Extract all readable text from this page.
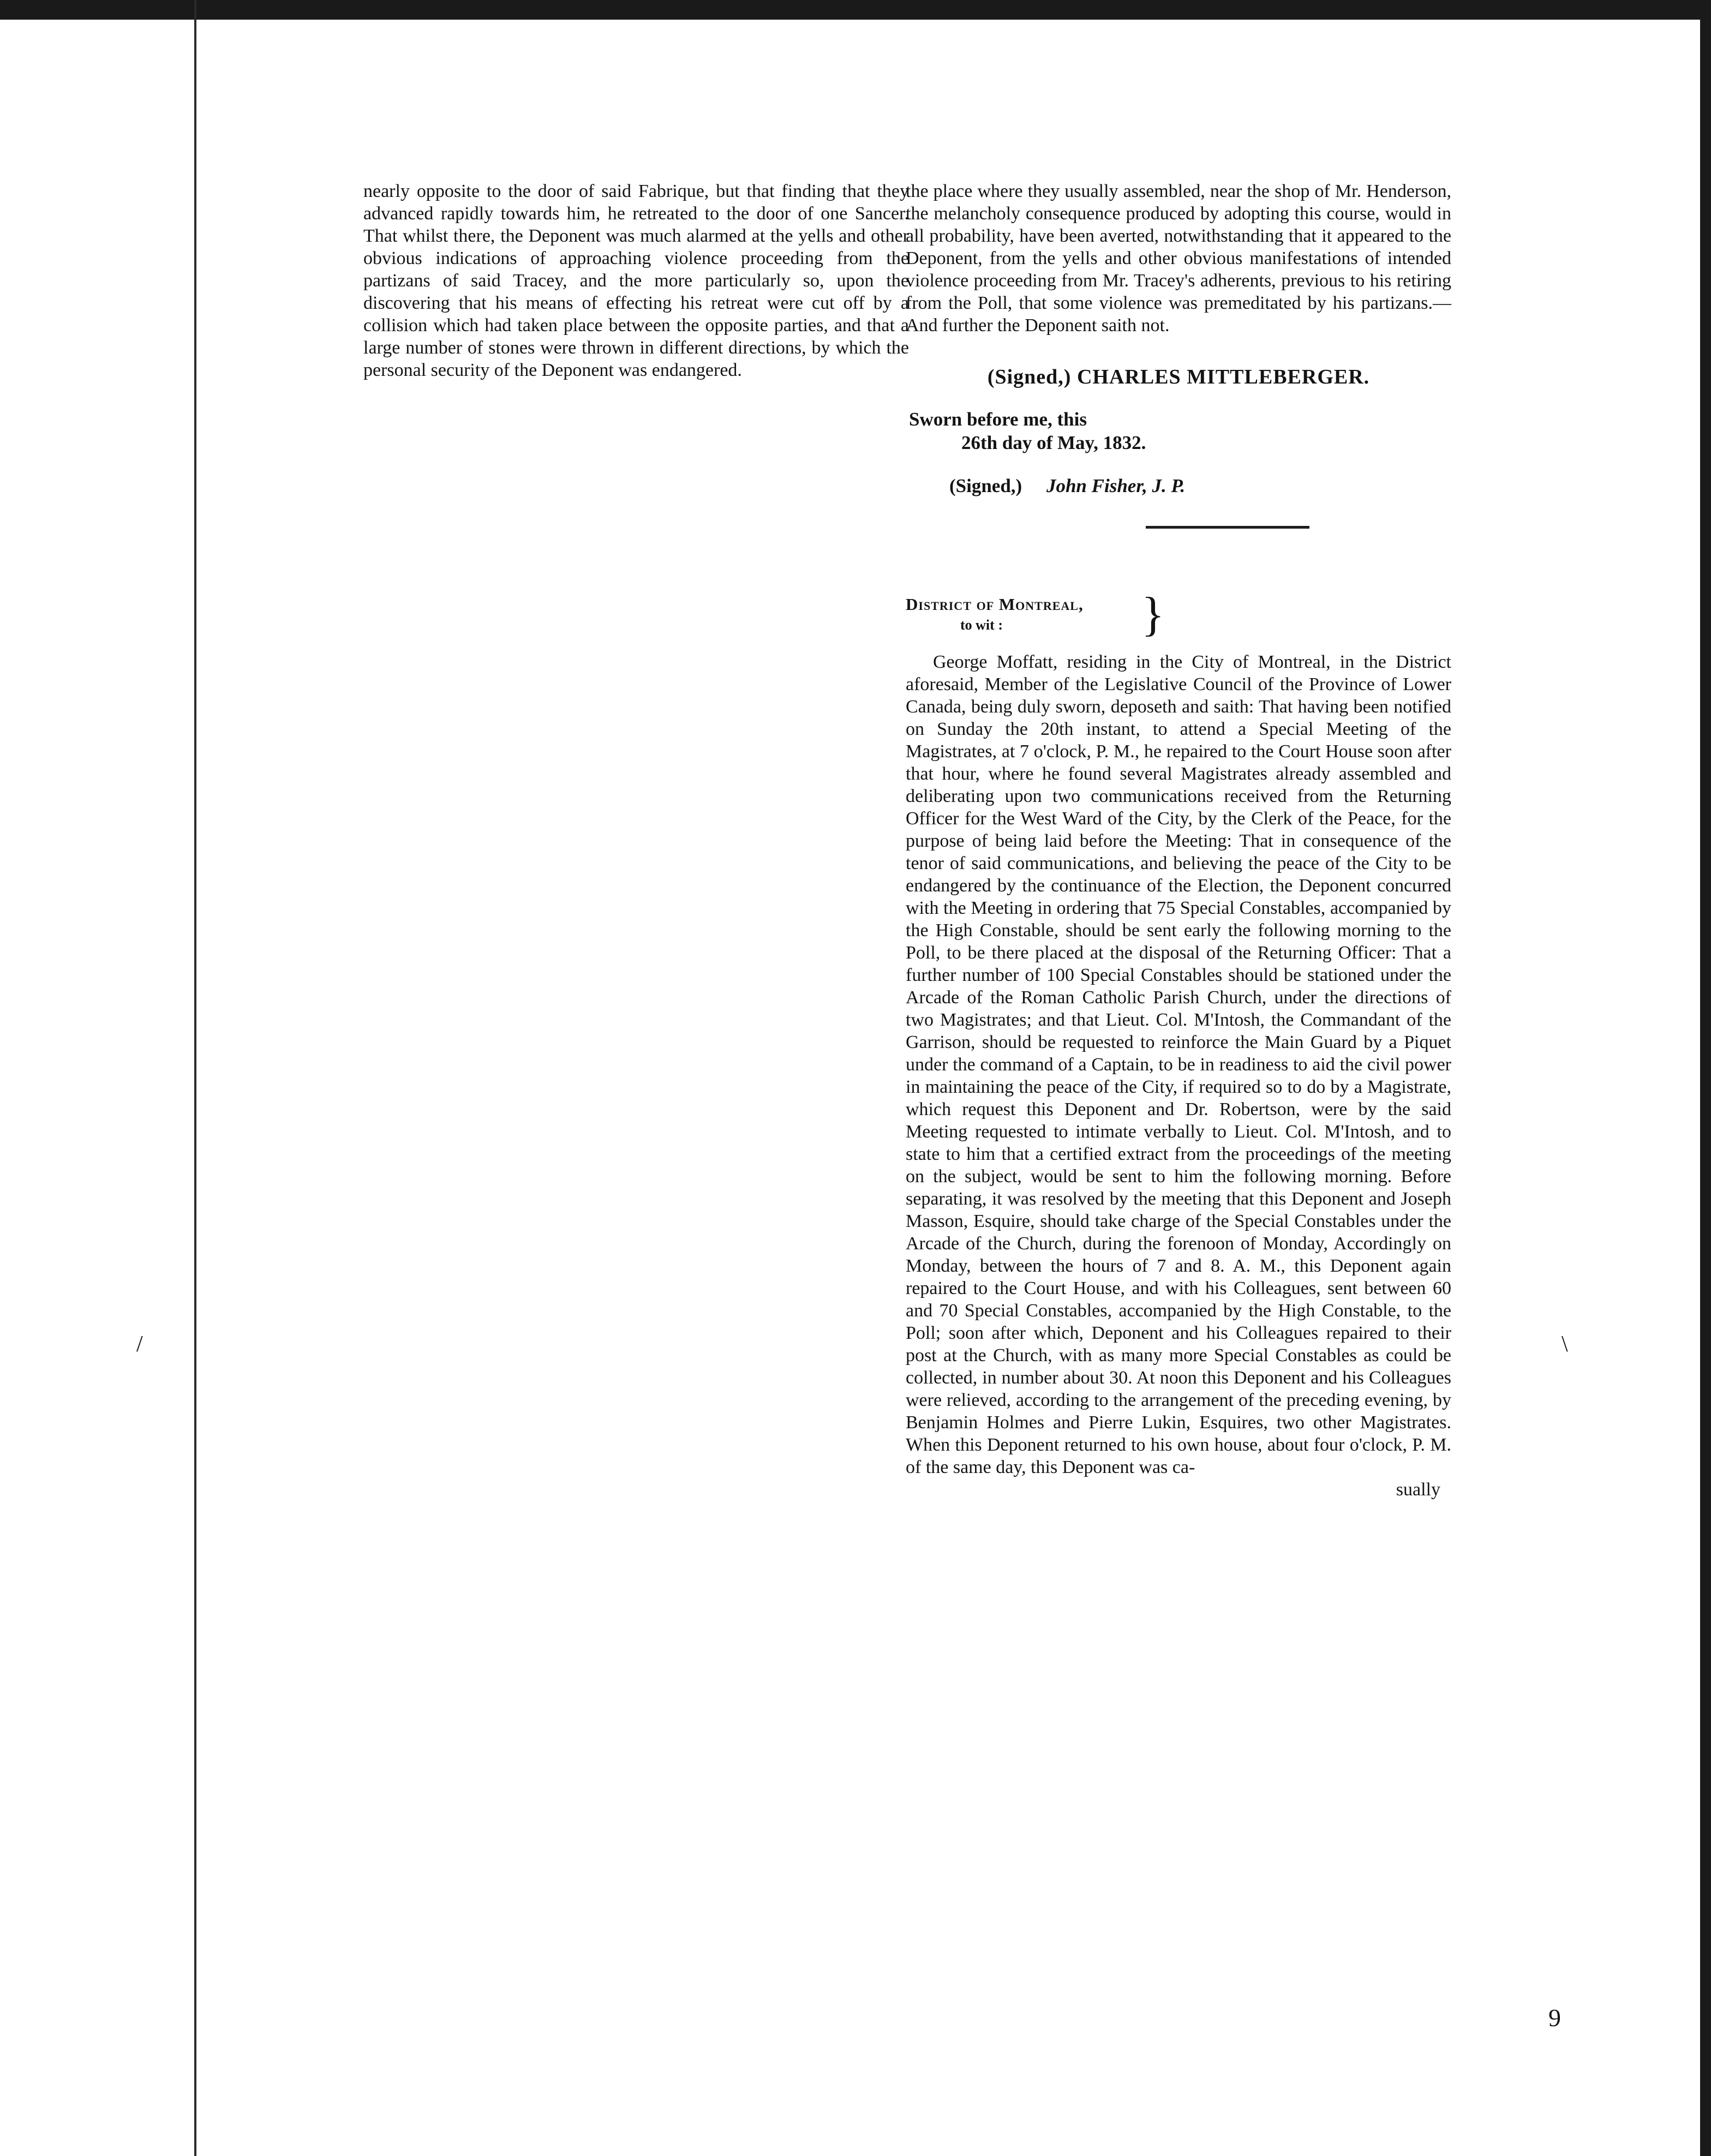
nearly opposite to the door of said Fabrique, but that finding that they advanced rapidly towards him, he retreated to the door of one Sancer. That whilst there, the Deponent was much alarmed at the yells and other obvious indications of approaching violence proceeding from the partizans of said Tracey, and the more particularly so, upon the discovering that his means of effecting his retreat were cut off by a collision which had taken place between the opposite parties, and that a large number of stones were thrown in different directions, by which the personal security of the Deponent was endangered.

the place where they usually assembled, near the shop of Mr. Henderson, the melancholy consequence produced by adopting this course, would in all probability, have been averted, notwithstanding that it appeared to the Deponent, from the yells and other obvious manifestations of intended violence proceeding from Mr. Tracey's adherents, previous to his retiring from the Poll, that some violence was premeditated by his partizans.—And further the Deponent saith not.

(Signed,) CHARLES MITTLEBERGER.
Sworn before me, this
26th day of May, 1832.
(Signed,) John Fisher, J. P.
District of Montreal,
to wit :	}

George Moffatt, residing in the City of Montreal, in the District aforesaid, Member of the Legislative Council of the Province of Lower Canada, being duly sworn, deposeth and saith: That having been notified on Sunday the 20th instant, to attend a Special Meeting of the Magistrates, at 7 o'clock, P. M., he repaired to the Court House soon after that hour, where he found several Magistrates already assembled and deliberating upon two communications received from the Returning Officer for the West Ward of the City, by the Clerk of the Peace, for the purpose of being laid before the Meeting: That in consequence of the tenor of said communications, and believing the peace of the City to be endangered by the continuance of the Election, the Deponent concurred with the Meeting in ordering that 75 Special Constables, accompanied by the High Constable, should be sent early the following morning to the Poll, to be there placed at the disposal of the Returning Officer: That a further number of 100 Special Constables should be stationed under the Arcade of the Roman Catholic Parish Church, under the directions of two Magistrates; and that Lieut. Col. M'Intosh, the Commandant of the Garrison, should be requested to reinforce the Main Guard by a Piquet under the command of a Captain, to be in readiness to aid the civil power in maintaining the peace of the City, if required so to do by a Magistrate, which request this Deponent and Dr. Robertson, were by the said Meeting requested to intimate verbally to Lieut. Col. M'Intosh, and to state to him that a certified extract from the proceedings of the meeting on the subject, would be sent to him the following morning. Before separating, it was resolved by the meeting that this Deponent and Joseph Masson, Esquire, should take charge of the Special Constables under the Arcade of the Church, during the forenoon of Monday, Accordingly on Monday, between the hours of 7 and 8. A. M., this Deponent again repaired to the Court House, and with his Colleagues, sent between 60 and 70 Special Constables, accompanied by the High Constable, to the Poll; soon after which, Deponent and his Colleagues repaired to their post at the Church, with as many more Special Constables as could be collected, in number about 30. At noon this Deponent and his Colleagues were relieved, according to the arrangement of the preceding evening, by Benjamin Holmes and Pierre Lukin, Esquires, two other Magistrates. When this Deponent returned to his own house, about four o'clock, P. M. of the same day, this Deponent was ca-

sually
/	\
9
